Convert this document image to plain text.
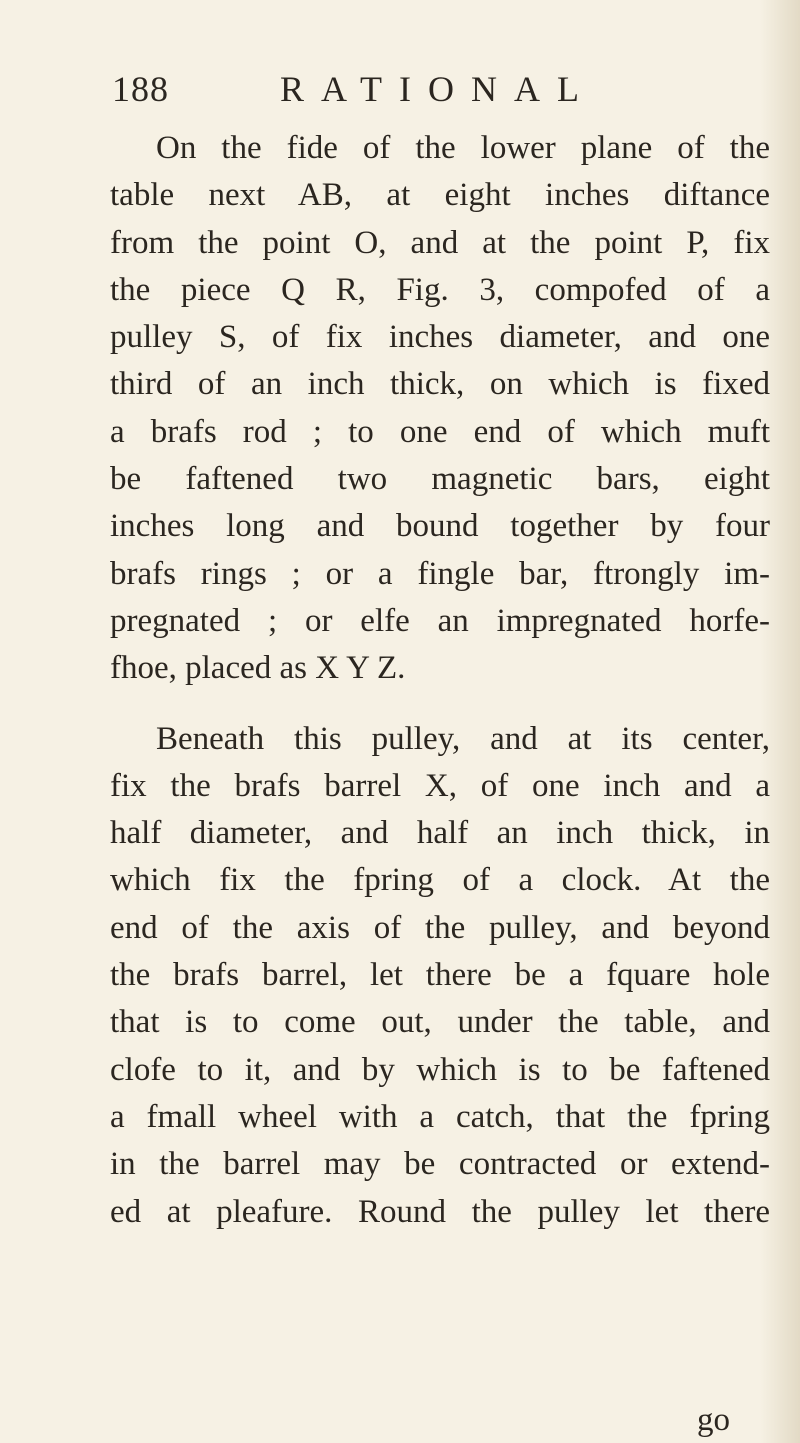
188	RATIONAL

On the fide of the lower plane of the
table next AB, at eight inches diftance
from the point O, and at the point P, fix
the piece Q R, Fig. 3, compofed of a
pulley S, of fix inches diameter, and one
third of an inch thick, on which is fixed
a brafs rod ; to one end of which muft
be faftened two magnetic bars, eight
inches long and bound together by four
brafs rings ; or a fingle bar, ftrongly im-
pregnated ; or elfe an impregnated horfe-
fhoe, placed as X Y Z.

Beneath this pulley, and at its center,
fix the brafs barrel X, of one inch and a
half diameter, and half an inch thick, in
which fix the fpring of a clock. At the
end of the axis of the pulley, and beyond
the brafs barrel, let there be a fquare hole
that is to come out, under the table, and
clofe to it, and by which is to be faftened
a fmall wheel with a catch, that the fpring
in the barrel may be contracted or extend-
ed at pleafure. Round the pulley let there

go
